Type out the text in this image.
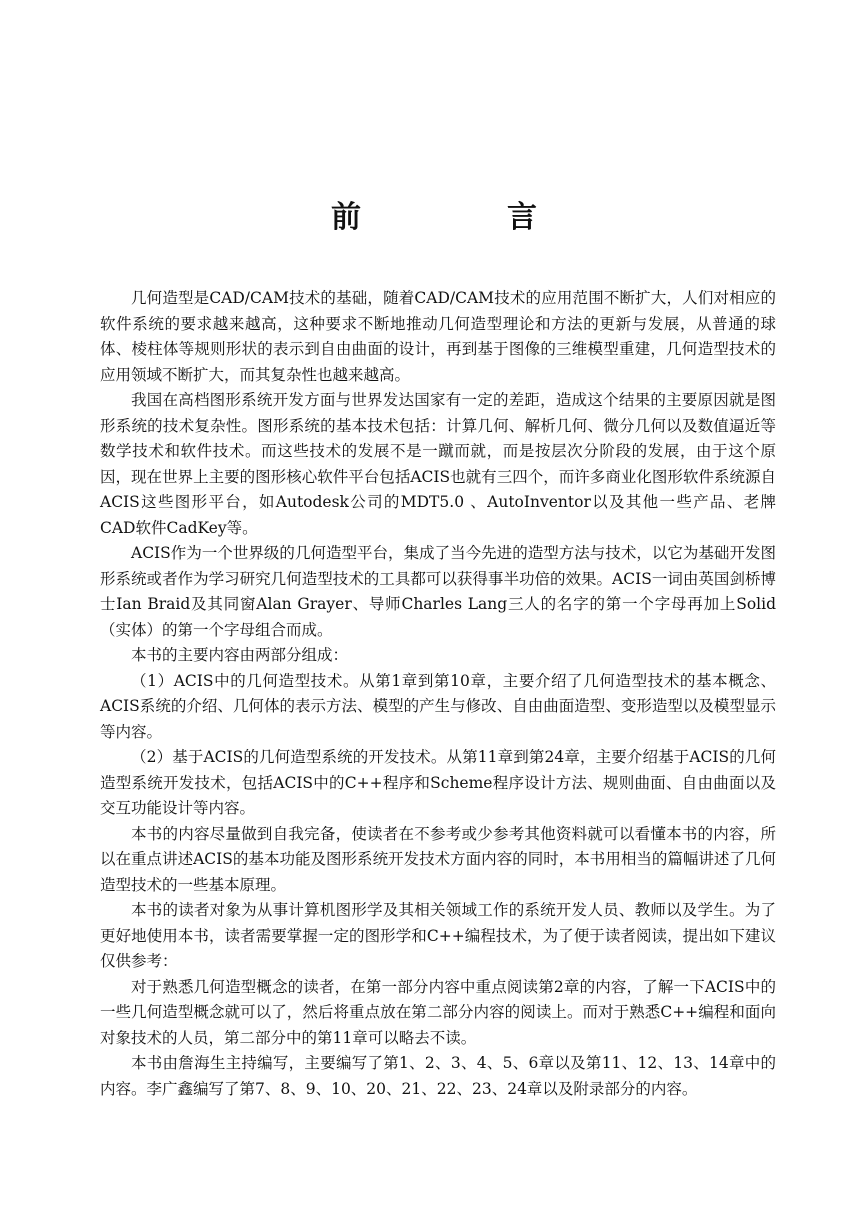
前　言

几何造型是CAD/CAM技术的基础，随着CAD/CAM技术的应用范围不断扩大，人们对相应的软件系统的要求越来越高，这种要求不断地推动几何造型理论和方法的更新与发展，从普通的球体、棱柱体等规则形状的表示到自由曲面的设计，再到基于图像的三维模型重建，几何造型技术的应用领域不断扩大，而其复杂性也越来越高。

我国在高档图形系统开发方面与世界发达国家有一定的差距，造成这个结果的主要原因就是图形系统的技术复杂性。图形系统的基本技术包括：计算几何、解析几何、微分几何以及数值逼近等数学技术和软件技术。而这些技术的发展不是一蹴而就，而是按层次分阶段的发展，由于这个原因，现在世界上主要的图形核心软件平台包括ACIS也就有三四个，而许多商业化图形软件系统源自ACIS这些图形平台，如Autodesk公司的MDT5.0 、AutoInventor以及其他一些产品、老牌CAD软件CadKey等。

ACIS作为一个世界级的几何造型平台，集成了当今先进的造型方法与技术，以它为基础开发图形系统或者作为学习研究几何造型技术的工具都可以获得事半功倍的效果。ACIS一词由英国剑桥博士Ian Braid及其同窗Alan Grayer、导师Charles Lang三人的名字的第一个字母再加上Solid（实体）的第一个字母组合而成。

本书的主要内容由两部分组成：

（1）ACIS中的几何造型技术。从第1章到第10章，主要介绍了几何造型技术的基本概念、ACIS系统的介绍、几何体的表示方法、模型的产生与修改、自由曲面造型、变形造型以及模型显示等内容。

（2）基于ACIS的几何造型系统的开发技术。从第11章到第24章，主要介绍基于ACIS的几何造型系统开发技术，包括ACIS中的C++程序和Scheme程序设计方法、规则曲面、自由曲面以及交互功能设计等内容。

本书的内容尽量做到自我完备，使读者在不参考或少参考其他资料就可以看懂本书的内容，所以在重点讲述ACIS的基本功能及图形系统开发技术方面内容的同时，本书用相当的篇幅讲述了几何造型技术的一些基本原理。

本书的读者对象为从事计算机图形学及其相关领域工作的系统开发人员、教师以及学生。为了更好地使用本书，读者需要掌握一定的图形学和C++编程技术，为了便于读者阅读，提出如下建议仅供参考：

对于熟悉几何造型概念的读者，在第一部分内容中重点阅读第2章的内容，了解一下ACIS中的一些几何造型概念就可以了，然后将重点放在第二部分内容的阅读上。而对于熟悉C++编程和面向对象技术的人员，第二部分中的第11章可以略去不读。

本书由詹海生主持编写，主要编写了第1、2、3、4、5、6章以及第11、12、13、14章中的内容。李广鑫编写了第7、8、9、10、20、21、22、23、24章以及附录部分的内容。
